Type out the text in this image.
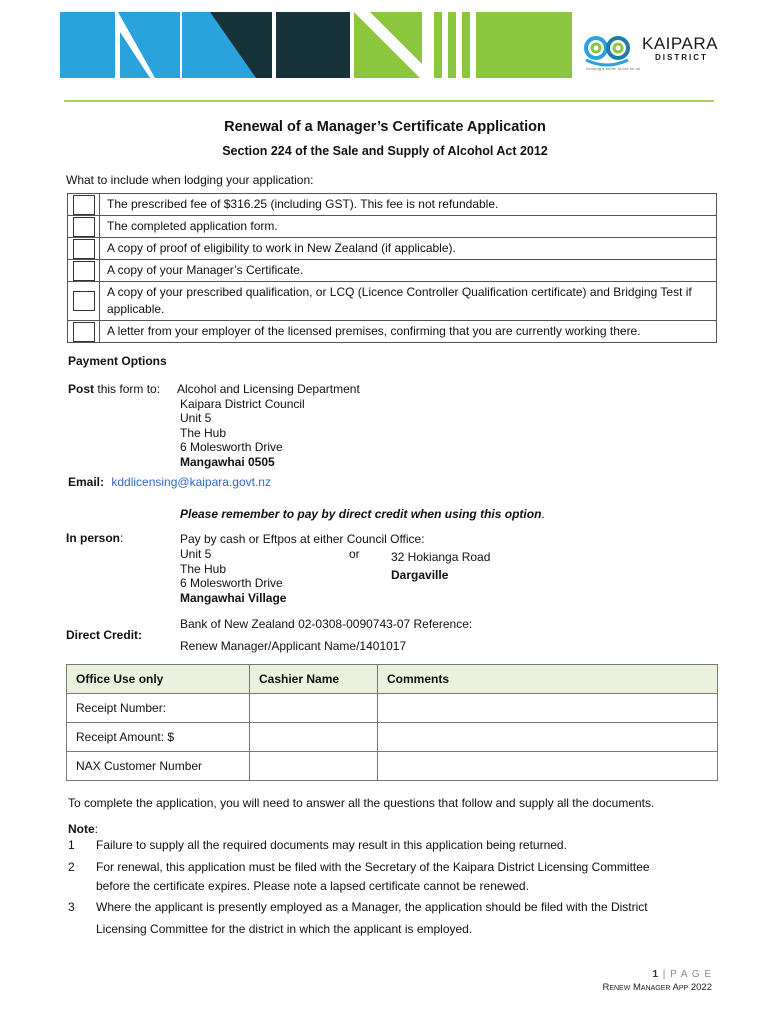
KAIPARA
DISTRICT
Growing a better future for all
Renewal of a Manager’s Certificate Application
Section 224 of the Sale and Supply of Alcohol Act 2012
What to include when lodging your application:
	The prescribed fee of $316.25 (including GST). This fee is not refundable.

	The completed application form.

	A copy of proof of eligibility to work in New Zealand (if applicable).

	A copy of your Manager’s Certificate.

	A copy of your prescribed qualification, or LCQ (Licence Controller Qualification certificate) and Bridging Test if applicable.

	A letter from your employer of the licensed premises, confirming that you are currently working there.
Payment Options
Post this form to: Alcohol and Licensing Department
Kaipara District Council
Unit 5
The Hub
6 Molesworth Drive
Mangawhai 0505
Email: kddlicensing@kaipara.govt.nz
Please remember to pay by direct credit when using this option.
In person:	Pay by cash or Eftpos at either Council Office:
Unit 5
The Hub
6 Molesworth Drive
Mangawhai Village
or	32 Hokianga Road
Dargaville
Direct Credit:
Bank of New Zealand 02-0308-0090743-07 Reference:
Renew Manager/Applicant Name/1401017
Office Use only	Cashier Name	Comments
Receipt Number:		
Receipt Amount: $		
NAX Customer Number		
To complete the application, you will need to answer all the questions that follow and supply all the documents.
Note:
1 Failure to supply all the required documents may result in this application being returned.
2 For renewal, this application must be filed with the Secretary of the Kaipara District Licensing Committee
before the certificate expires. Please note a lapsed certificate cannot be renewed.
3 Where the applicant is presently employed as a Manager, the application should be filed with the District
Licensing Committee for the district in which the applicant is employed.
1 | P A G E
Renew Manager App 2022
